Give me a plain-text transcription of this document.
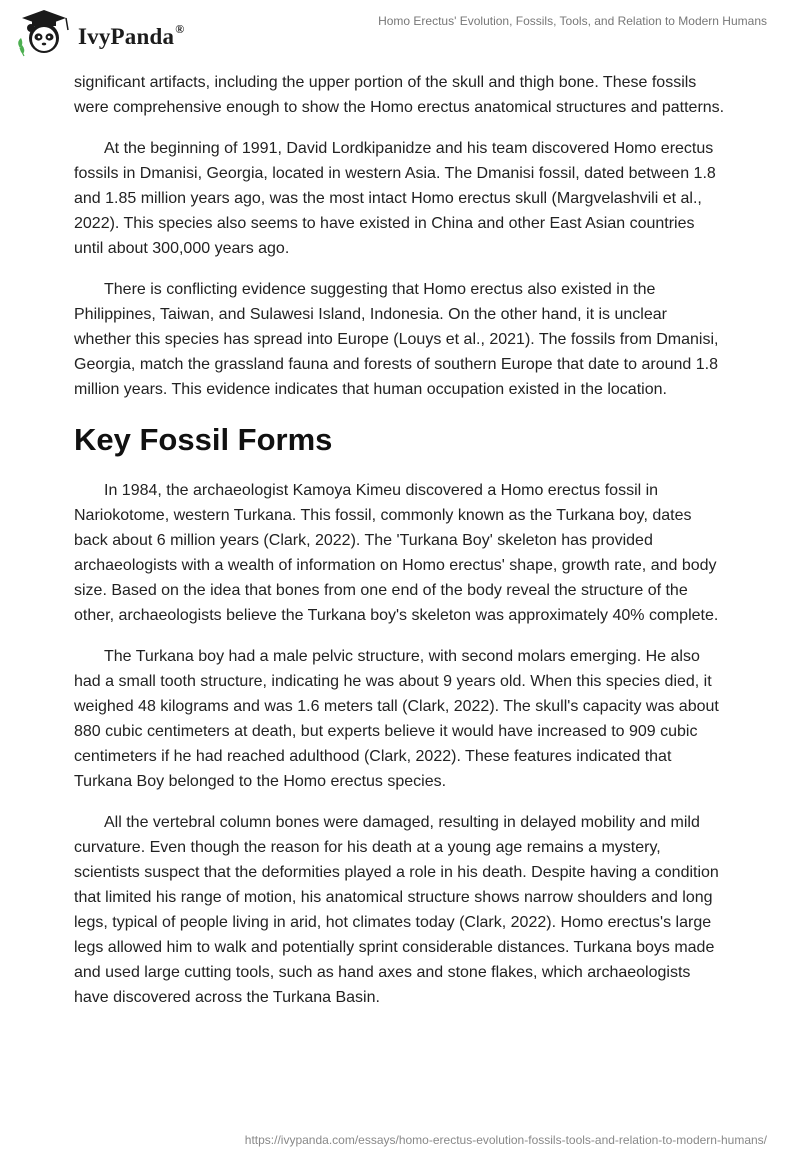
IvyPanda®
Homo Erectus' Evolution, Fossils, Tools, and Relation to Modern Humans

significant artifacts, including the upper portion of the skull and thigh bone. These fossils were comprehensive enough to show the Homo erectus anatomical structures and patterns.

At the beginning of 1991, David Lordkipanidze and his team discovered Homo erectus fossils in Dmanisi, Georgia, located in western Asia. The Dmanisi fossil, dated between 1.8 and 1.85 million years ago, was the most intact Homo erectus skull (Margvelashvili et al., 2022). This species also seems to have existed in China and other East Asian countries until about 300,000 years ago.

There is conflicting evidence suggesting that Homo erectus also existed in the Philippines, Taiwan, and Sulawesi Island, Indonesia. On the other hand, it is unclear whether this species has spread into Europe (Louys et al., 2021). The fossils from Dmanisi, Georgia, match the grassland fauna and forests of southern Europe that date to around 1.8 million years. This evidence indicates that human occupation existed in the location.

Key Fossil Forms

In 1984, the archaeologist Kamoya Kimeu discovered a Homo erectus fossil in Nariokotome, western Turkana. This fossil, commonly known as the Turkana boy, dates back about 6 million years (Clark, 2022). The 'Turkana Boy' skeleton has provided archaeologists with a wealth of information on Homo erectus' shape, growth rate, and body size. Based on the idea that bones from one end of the body reveal the structure of the other, archaeologists believe the Turkana boy's skeleton was approximately 40% complete.

The Turkana boy had a male pelvic structure, with second molars emerging. He also had a small tooth structure, indicating he was about 9 years old. When this species died, it weighed 48 kilograms and was 1.6 meters tall (Clark, 2022). The skull's capacity was about 880 cubic centimeters at death, but experts believe it would have increased to 909 cubic centimeters if he had reached adulthood (Clark, 2022). These features indicated that Turkana Boy belonged to the Homo erectus species.

All the vertebral column bones were damaged, resulting in delayed mobility and mild curvature. Even though the reason for his death at a young age remains a mystery, scientists suspect that the deformities played a role in his death. Despite having a condition that limited his range of motion, his anatomical structure shows narrow shoulders and long legs, typical of people living in arid, hot climates today (Clark, 2022). Homo erectus's large legs allowed him to walk and potentially sprint considerable distances. Turkana boys made and used large cutting tools, such as hand axes and stone flakes, which archaeologists have discovered across the Turkana Basin.

https://ivypanda.com/essays/homo-erectus-evolution-fossils-tools-and-relation-to-modern-humans/
